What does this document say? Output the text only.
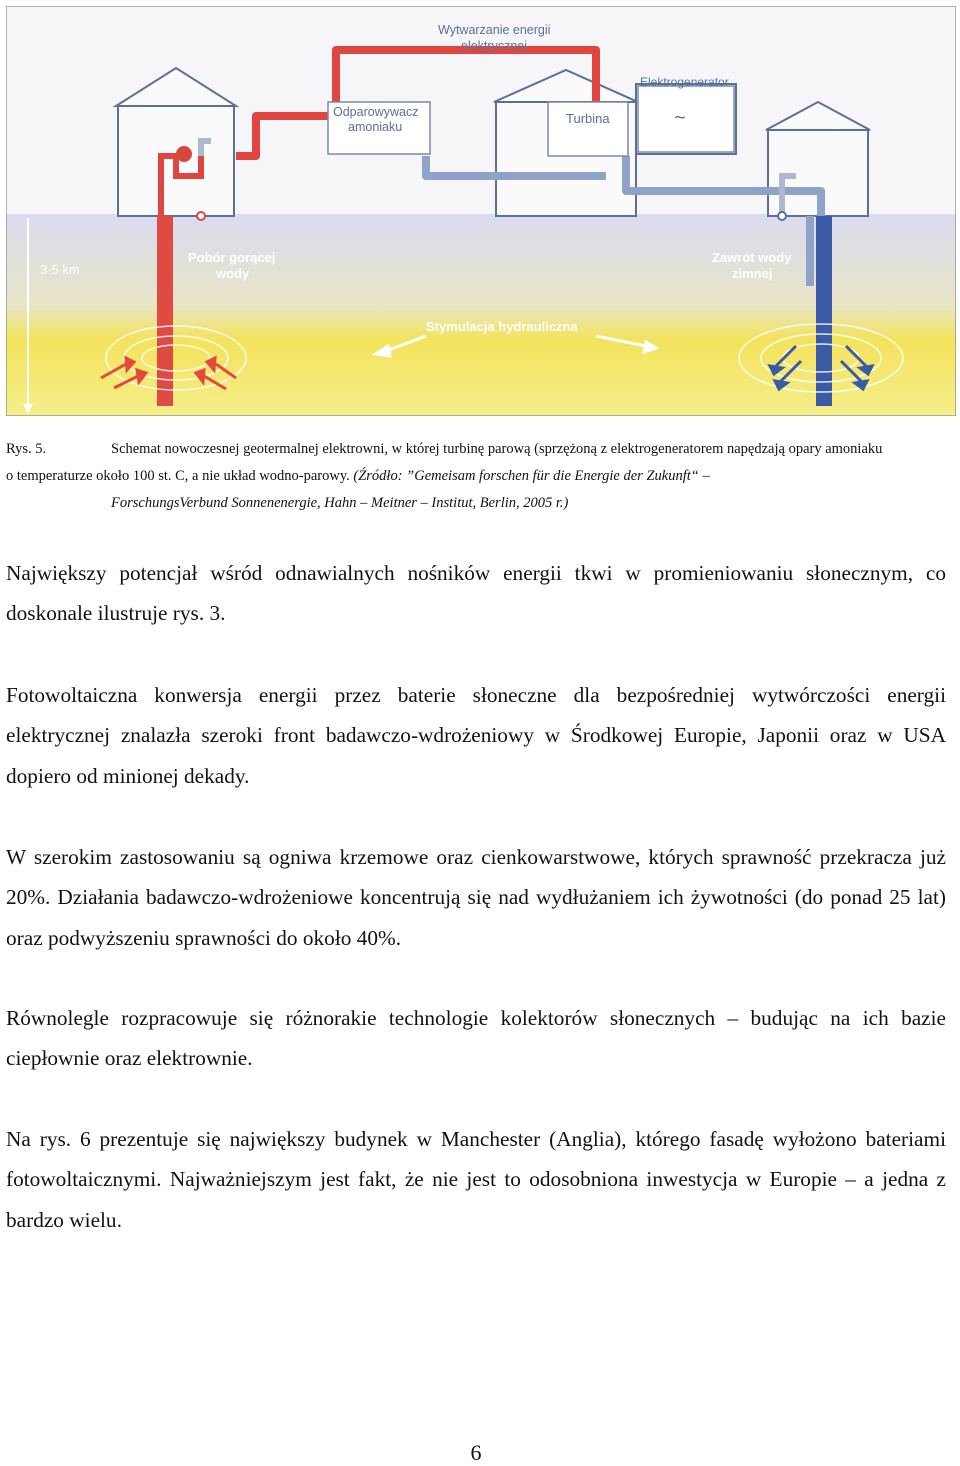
Wytwarzanie energii
elektrycznej
Elektrogenerator
~
Odparowywacz
amoniaku
Turbina
3-5 km
Pobór gorącej
wody
Zawrót wody
zimnej
Stymulacja hydrauliczna
Rys. 5.	Schemat nowoczesnej geotermalnej elektrowni, w której turbinę parową (sprzężoną z elektrogeneratorem napędzają opary amoniaku
o temperaturze około 100 st. C, a nie układ wodno-parowy. (Źródło: ”Gemeisam forschen für die Energie der Zukunft“ –
ForschungsVerbund Sonnenenergie, Hahn – Meitner – Institut, Berlin, 2005 r.)

Największy potencjał wśród odnawialnych nośników energii tkwi w promieniowaniu słonecznym, co doskonale ilustruje rys. 3.

Fotowoltaiczna konwersja energii przez baterie słoneczne dla bezpośredniej wytwórczości energii elektrycznej znalazła szeroki front badawczo-wdrożeniowy w Środkowej Europie, Japonii oraz w USA dopiero od minionej dekady.

W szerokim zastosowaniu są ogniwa krzemowe oraz cienkowarstwowe, których sprawność przekracza już 20%. Działania badawczo-wdrożeniowe koncentrują się nad wydłużaniem ich żywotności (do ponad 25 lat) oraz podwyższeniu sprawności do około 40%.

Równolegle rozpracowuje się różnorakie technologie kolektorów słonecznych – budując na ich bazie ciepłownie oraz elektrownie.

Na rys. 6 prezentuje się największy budynek w Manchester (Anglia), którego fasadę wyłożono bateriami fotowoltaicznymi. Najważniejszym jest fakt, że nie jest to odosobniona inwestycja w Europie – a jedna z bardzo wielu.

6
